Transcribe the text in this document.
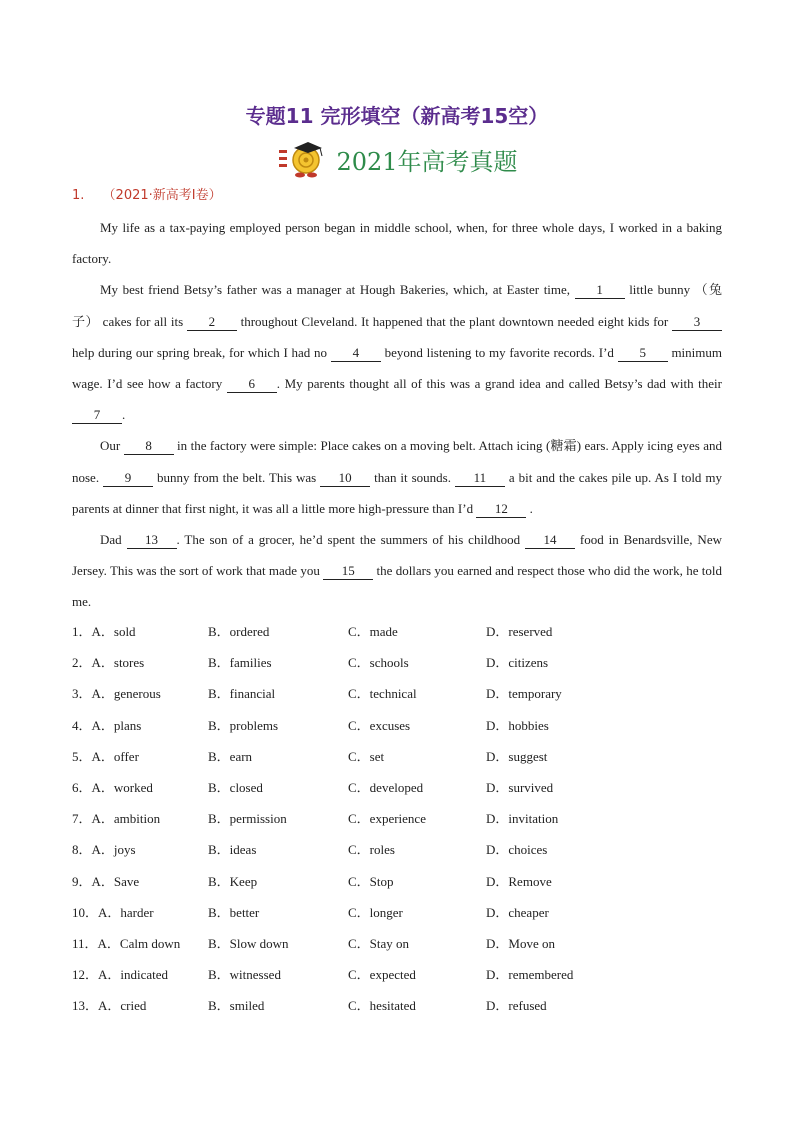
专题11 完形填空（新高考15空）
2021年高考真题
1. （2021·新高考I卷）

My life as a tax-paying employed person began in middle school, when, for three whole days, I worked in a baking factory.

My best friend Betsy’s father was a manager at Hough Bakeries, which, at Easter time, 1 little bunny （兔子） cakes for all its 2 throughout Cleveland. It happened that the plant downtown needed eight kids for 3 help during our spring break, for which I had no 4 beyond listening to my favorite records. I’d 5 minimum wage. I’d see how a factory 6 . My parents thought all of this was a grand idea and called Betsy’s dad with their 7 .

Our 8 in the factory were simple: Place cakes on a moving belt. Attach icing (糖霜) ears. Apply icing eyes and nose. 9 bunny from the belt. This was 10 than it sounds. 11 a bit and the cakes pile up. As I told my parents at dinner that first night, it was all a little more high-pressure than I’d 12 .

Dad 13 . The son of a grocer, he’d spent the summers of his childhood 14 food in Benardsville, New Jersey. This was the sort of work that made you 15 the dollars you earned and respect those who did the work, he told me.

1．A．sold	B．ordered	C．made	D．reserved
2．A．stores	B．families	C．schools	D．citizens
3．A．generous	B．financial	C．technical	D．temporary
4．A．plans	B．problems	C．excuses	D．hobbies
5．A．offer	B．earn	C．set	D．suggest
6．A．worked	B．closed	C．developed	D．survived
7．A．ambition	B．permission	C．experience	D．invitation
8．A．joys	B．ideas	C．roles	D．choices
9．A．Save	B．Keep	C．Stop	D．Remove
10．A．harder	B．better	C．longer	D．cheaper
11．A．Calm down	B．Slow down	C．Stay on	D．Move on
12．A．indicated	B．witnessed	C．expected	D．remembered
13．A．cried	B．smiled	C．hesitated	D．refused
